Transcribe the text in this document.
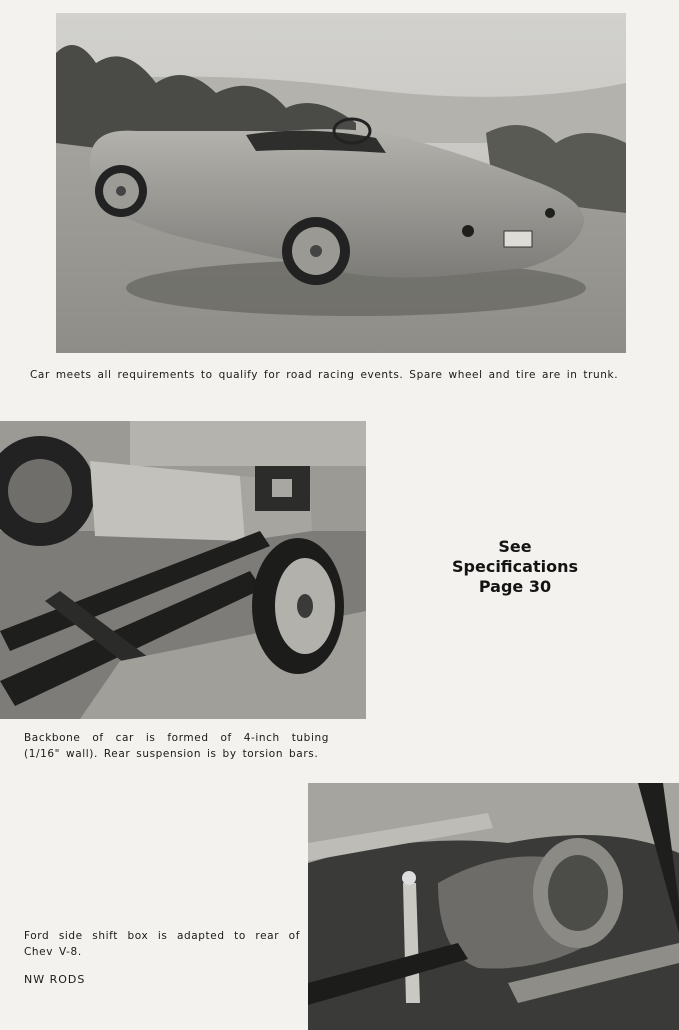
Car meets all requirements to qualify for road racing events. Spare wheel and tire are in trunk.
Backbone of car is formed of 4-inch tubing (1/16" wall). Rear suspension is by torsion bars.
See
Specifications
Page 30
Ford side shift box is adapted to rear of Chev V-8.
NW RODS
